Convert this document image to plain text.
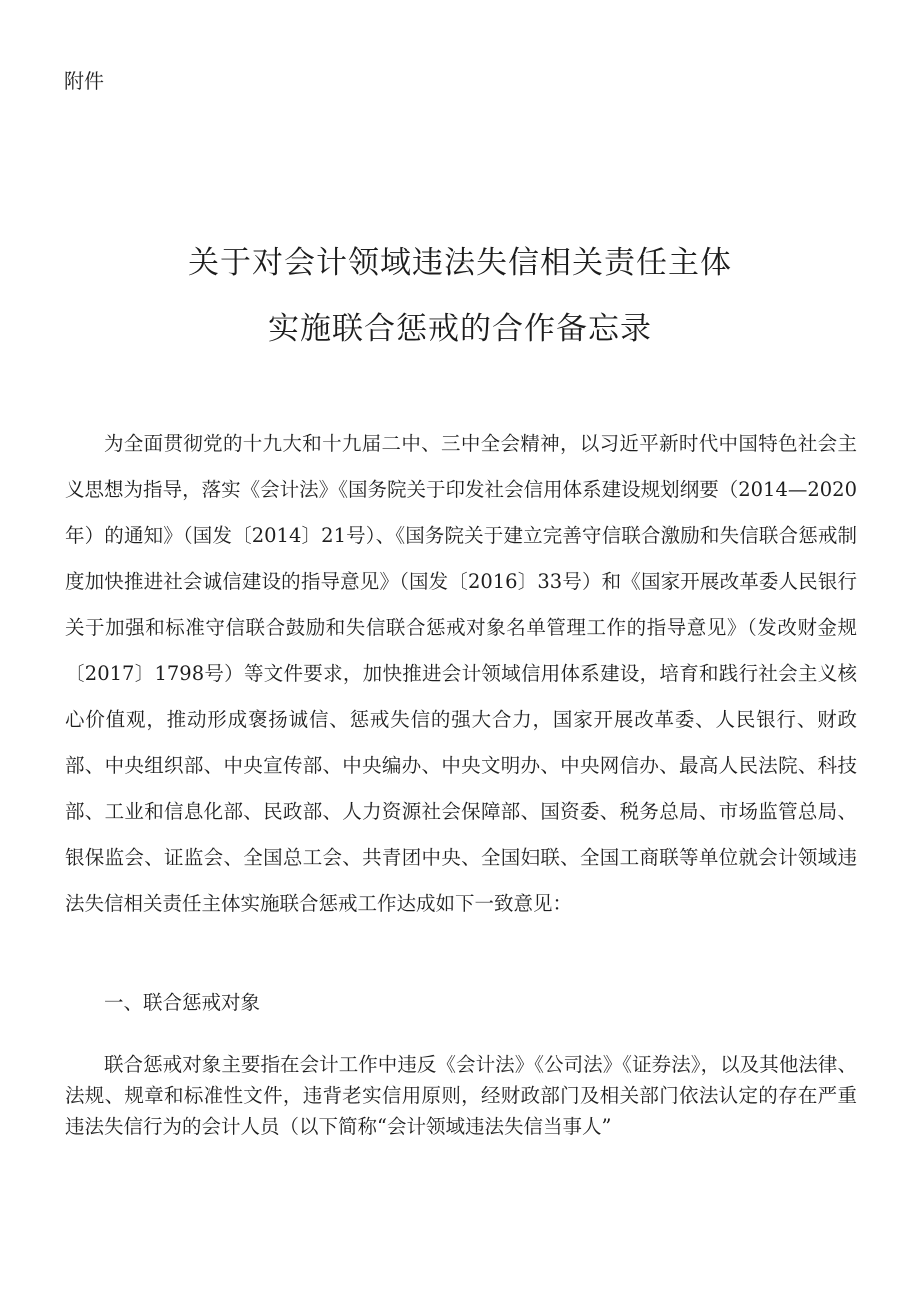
附件
关于对会计领域违法失信相关责任主体
实施联合惩戒的合作备忘录

为全面贯彻党的十九大和十九届二中、三中全会精神，以习近平新时代中国特色社会主义思想为指导，落实《会计法》《国务院关于印发社会信用体系建设规划纲要（2014—2020年）的通知》（国发〔2014〕21号）、《国务院关于建立完善守信联合激励和失信联合惩戒制度加快推进社会诚信建设的指导意见》（国发〔2016〕33号）和《国家开展改革委人民银行关于加强和标准守信联合鼓励和失信联合惩戒对象名单管理工作的指导意见》（发改财金规〔2017〕1798号）等文件要求，加快推进会计领域信用体系建设，培育和践行社会主义核心价值观，推动形成褒扬诚信、惩戒失信的强大合力，国家开展改革委、人民银行、财政部、中央组织部、中央宣传部、中央编办、中央文明办、中央网信办、最高人民法院、科技部、工业和信息化部、民政部、人力资源社会保障部、国资委、税务总局、市场监管总局、银保监会、证监会、全国总工会、共青团中央、全国妇联、全国工商联等单位就会计领域违法失信相关责任主体实施联合惩戒工作达成如下一致意见：

一、联合惩戒对象

联合惩戒对象主要指在会计工作中违反《会计法》《公司法》《证券法》，以及其他法律、法规、规章和标准性文件，违背老实信用原则，经财政部门及相关部门依法认定的存在严重违法失信行为的会计人员（以下简称“会计领域违法失信当事人”
